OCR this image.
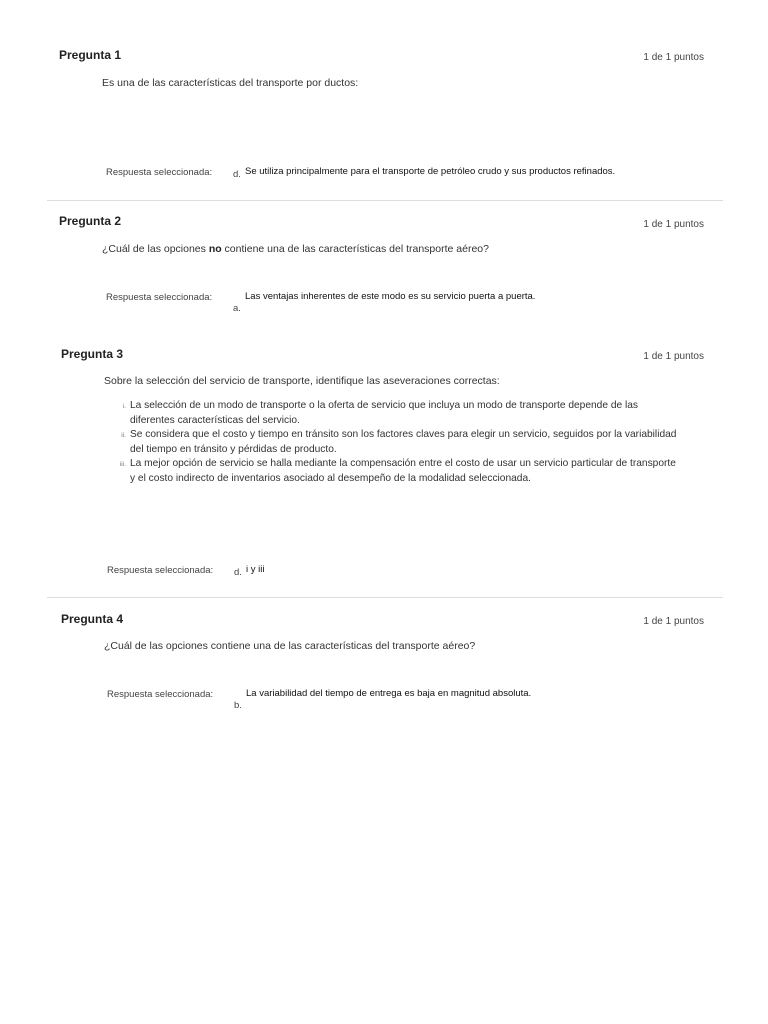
Pregunta 1	1 de 1 puntos
Es una de las características del transporte por ductos:
Respuesta seleccionada: d. Se utiliza principalmente para el transporte de petróleo crudo y sus productos refinados.
Pregunta 2	1 de 1 puntos
¿Cuál de las opciones no contiene una de las características del transporte aéreo?
Respuesta seleccionada:	Las ventajas inherentes de este modo es su servicio puerta a puerta.
a.
Pregunta 3	1 de 1 puntos
Sobre la selección del servicio de transporte, identifique las aseveraciones correctas:
i. La selección de un modo de transporte o la oferta de servicio que incluya un modo de transporte depende de las
diferentes características del servicio.
ii. Se considera que el costo y tiempo en tránsito son los factores claves para elegir un servicio, seguidos por la variabilidad
del tiempo en tránsito y pérdidas de producto.
iii. La mejor opción de servicio se halla mediante la compensación entre el costo de usar un servicio particular de transporte
y el costo indirecto de inventarios asociado al desempeño de la modalidad seleccionada.
Respuesta seleccionada: d. i y iii
Pregunta 4	1 de 1 puntos
¿Cuál de las opciones contiene una de las características del transporte aéreo?
Respuesta seleccionada:	La variabilidad del tiempo de entrega es baja en magnitud absoluta.
b.
